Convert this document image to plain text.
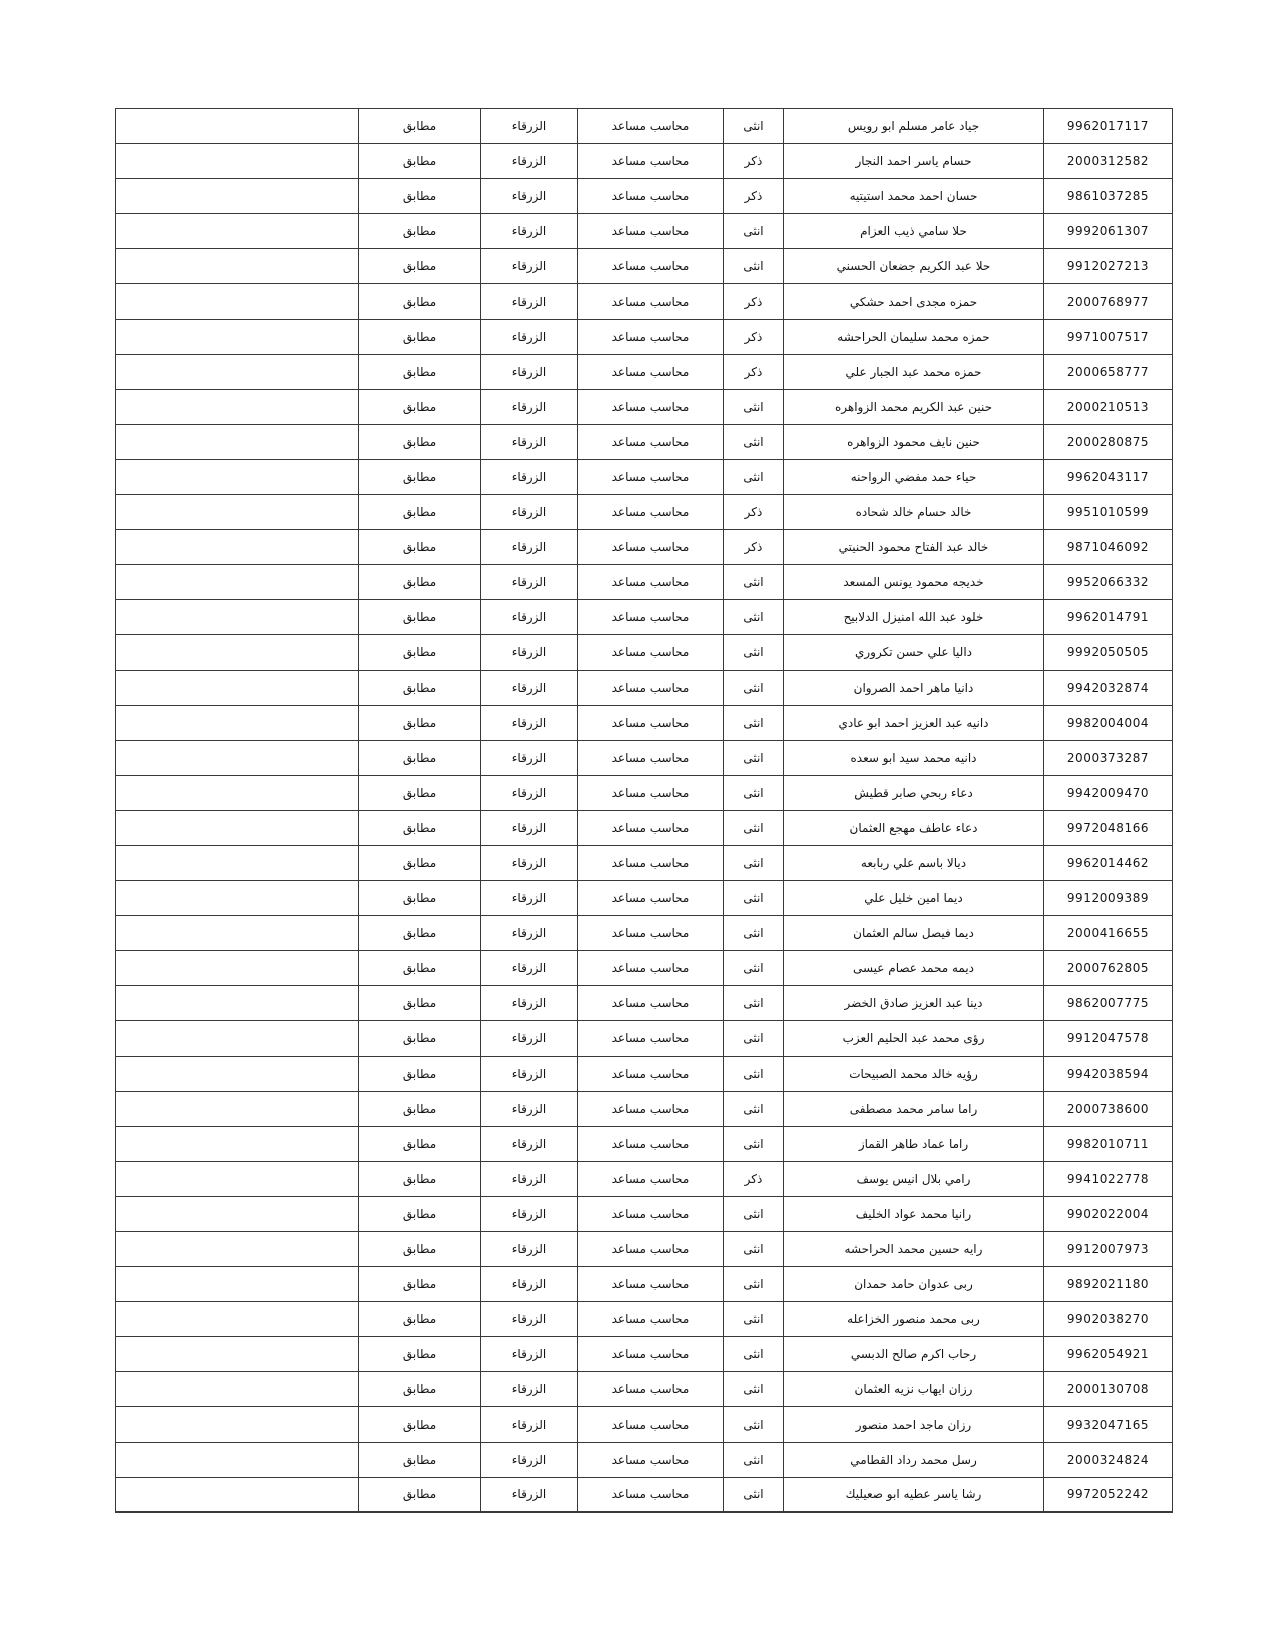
9962017117	جياد عامر مسلم ابو رويس	انثى	محاسب مساعد	الزرقاء	مطابق	
2000312582	حسام ياسر احمد النجار	ذكر	محاسب مساعد	الزرقاء	مطابق	
9861037285	حسان احمد محمد استيتيه	ذكر	محاسب مساعد	الزرقاء	مطابق	
9992061307	حلا سامي ذيب العزام	انثى	محاسب مساعد	الزرقاء	مطابق	
9912027213	حلا عبد الكريم جضعان الحسني	انثى	محاسب مساعد	الزرقاء	مطابق	
2000768977	حمزه مجدى احمد حشكي	ذكر	محاسب مساعد	الزرقاء	مطابق	
9971007517	حمزه محمد سليمان الحراحشه	ذكر	محاسب مساعد	الزرقاء	مطابق	
2000658777	حمزه محمد عبد الجبار علي	ذكر	محاسب مساعد	الزرقاء	مطابق	
2000210513	حنين عبد الكريم محمد الزواهره	انثى	محاسب مساعد	الزرقاء	مطابق	
2000280875	حنين نايف محمود الزواهره	انثى	محاسب مساعد	الزرقاء	مطابق	
9962043117	حياء حمد مفضي الرواحنه	انثى	محاسب مساعد	الزرقاء	مطابق	
9951010599	خالد حسام خالد شحاده	ذكر	محاسب مساعد	الزرقاء	مطابق	
9871046092	خالد عبد الفتاح محمود الحنيتي	ذكر	محاسب مساعد	الزرقاء	مطابق	
9952066332	خديجه محمود يونس المسعد	انثى	محاسب مساعد	الزرقاء	مطابق	
9962014791	خلود عبد الله امنيزل الدلابيح	انثى	محاسب مساعد	الزرقاء	مطابق	
9992050505	داليا علي حسن تكروري	انثى	محاسب مساعد	الزرقاء	مطابق	
9942032874	دانيا ماهر احمد الصروان	انثى	محاسب مساعد	الزرقاء	مطابق	
9982004004	دانيه عبد العزيز احمد ابو عادي	انثى	محاسب مساعد	الزرقاء	مطابق	
2000373287	دانيه محمد سيد ابو سعده	انثى	محاسب مساعد	الزرقاء	مطابق	
9942009470	دعاء ربحي صابر قطيش	انثى	محاسب مساعد	الزرقاء	مطابق	
9972048166	دعاء عاطف مهجع العثمان	انثى	محاسب مساعد	الزرقاء	مطابق	
9962014462	ديالا باسم علي ربابعه	انثى	محاسب مساعد	الزرقاء	مطابق	
9912009389	ديما امين خليل علي	انثى	محاسب مساعد	الزرقاء	مطابق	
2000416655	ديما فيصل سالم العثمان	انثى	محاسب مساعد	الزرقاء	مطابق	
2000762805	ديمه محمد عصام عيسى	انثى	محاسب مساعد	الزرقاء	مطابق	
9862007775	دينا عبد العزيز صادق الخضر	انثى	محاسب مساعد	الزرقاء	مطابق	
9912047578	رؤى محمد عبد الحليم العزب	انثى	محاسب مساعد	الزرقاء	مطابق	
9942038594	رؤيه خالد محمد الصبيحات	انثى	محاسب مساعد	الزرقاء	مطابق	
2000738600	راما سامر محمد مصطفى	انثى	محاسب مساعد	الزرقاء	مطابق	
9982010711	راما عماد طاهر القماز	انثى	محاسب مساعد	الزرقاء	مطابق	
9941022778	رامي بلال انيس يوسف	ذكر	محاسب مساعد	الزرقاء	مطابق	
9902022004	رانيا محمد عواد الخليف	انثى	محاسب مساعد	الزرقاء	مطابق	
9912007973	رايه حسين محمد الحراحشه	انثى	محاسب مساعد	الزرقاء	مطابق	
9892021180	ربى عدوان حامد حمدان	انثى	محاسب مساعد	الزرقاء	مطابق	
9902038270	ربى محمد منصور الخزاعله	انثى	محاسب مساعد	الزرقاء	مطابق	
9962054921	رحاب اكرم صالح الدبسي	انثى	محاسب مساعد	الزرقاء	مطابق	
2000130708	رزان ايهاب نزيه العثمان	انثى	محاسب مساعد	الزرقاء	مطابق	
9932047165	رزان ماجد احمد منصور	انثى	محاسب مساعد	الزرقاء	مطابق	
2000324824	رسل محمد رداد القطامي	انثى	محاسب مساعد	الزرقاء	مطابق	
9972052242	رشا ياسر عطيه ابو صعيليك	انثى	محاسب مساعد	الزرقاء	مطابق	
